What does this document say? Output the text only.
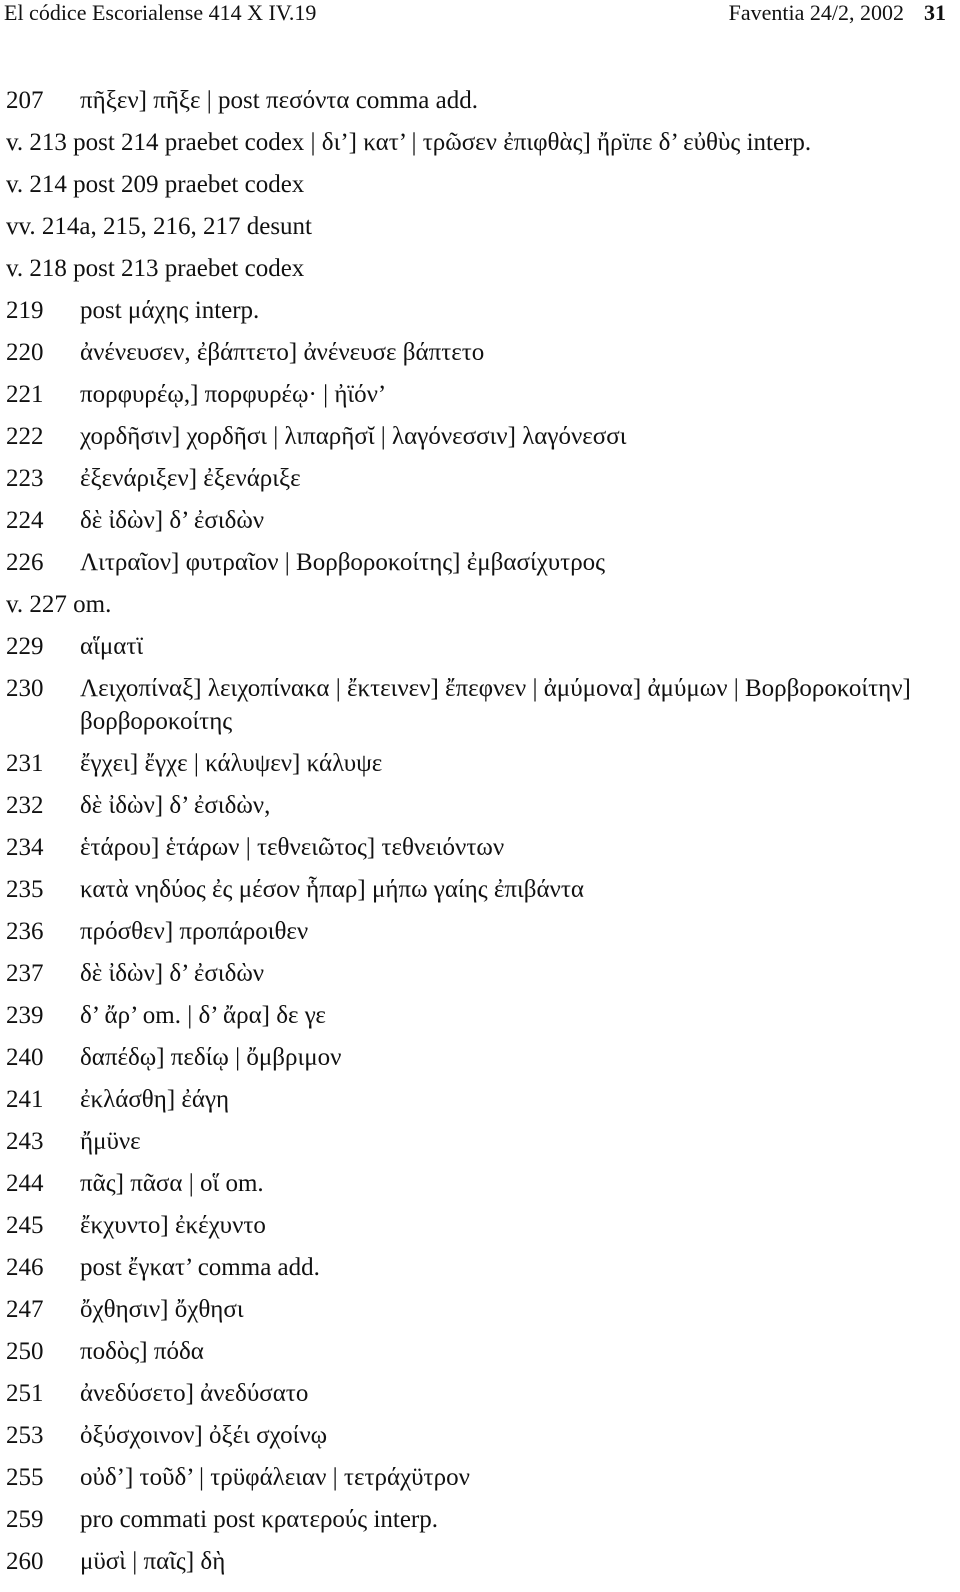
El códice Escorialense 414 X IV.19	Faventia 24/2, 2002 31
207	πῆξεν] πῆξε | post πεσόντα comma add.
v. 213 post 214 praebet codex | δι’] κατ’ | τρῶσεν ἐπιφθὰς] ἤρϊπε δ’ εὐθὺς interp.
v. 214 post 209 praebet codex
vv. 214a, 215, 216, 217 desunt
v. 218 post 213 praebet codex
219	post μάχης interp.
220	ἀνένευσεν, ἐβάπτετο] ἀνένευσε βάπτετο
221	πορφυρέῳ,] πορφυρέῳ· | ἠϊόν’
222	χορδῆσιν] χορδῆσι | λιπαρῆσῐ | λαγόνεσσιν] λαγόνεσσι
223	ἐξενάριξεν] ἐξενάριξε
224	δὲ ἰδὼν] δ’ ἐσιδὼν
226	Λιτραῖον] φυτραῖον | Βορβοροκοίτης] ἐμβασίχυτρος
v. 227 om.
229	αἵματϊ
230	Λειχοπίναξ] λειχοπίνακα | ἔκτεινεν] ἔπεφνεν | ἀμύμονα] ἀμύμων | Βορβοροκοίτην] βορβοροκοίτης
231	ἔγχει] ἔγχε | κάλυψεν] κάλυψε
232	δὲ ἰδὼν] δ’ ἐσιδὼν,
234	ἑτάρου] ἑτάρων | τεθνειῶτος] τεθνειόντων
235	κατὰ νηδύος ἐς μέσον ἧπαρ] μήπω γαίης ἐπιβάντα
236	πρόσθεν] προπάροιθεν
237	δὲ ἰδὼν] δ’ ἐσιδὼν
239	δ’ ἄρ’ om. | δ’ ἄρα] δε γε
240	δαπέδῳ] πεδίῳ | ὄμβριμον
241	ἐκλάσθη] ἐάγη
243	ἤμϋνε
244	πᾶς] πᾶσα | οἵ om.
245	ἔκχυντο] ἐκέχυντο
246	post ἔγκατ’ comma add.
247	ὄχθησιν] ὄχθησι
250	ποδὸς] πόδα
251	ἀνεδύσετο] ἀνεδύσατο
253	ὀξύσχοινον] ὀξέι σχοίνῳ
255	οὐδ’] τοῦδ’ | τρϋφάλειαν | τετράχϋτρον
259	pro commati post κρατερούς interp.
260	μϋσὶ | παῖς] δὴ
